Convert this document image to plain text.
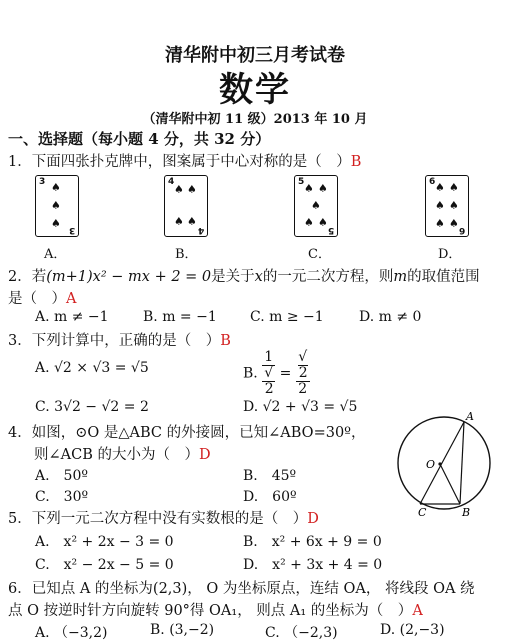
清华附中初三月考试卷
数学
（清华附中初 11 级）2013 年 10 月
一、选择题（每小题 4 分，共 32 分）
1．下面四张扑克牌中，图案属于中心对称的是（　）B
3 ♠
♠
♠ 3
4
♠ ♠
♠ ♠
4
5 ♠ ♠
♠
♠ ♠
5
6 ♠ ♠
♠ ♠
♠ ♠ 6
A．	B．	C．	D．
2．若(m+1)x² − mx + 2 = 0是关于x的一元二次方程，则m的取值范围
是（　）A
A. m ≠ −1 B. m = −1 C. m ≥ −1	D. m ≠ 0
3．下列计算中，正确的是（　）B
A. √2 × √3 = √5	B. 1
√
2 = √
2
2
C. 3√2 − √2 = 2	D. √2 + √3 = √5
4．如图，⊙O 是△ABC 的外接圆，已知∠ABO=30º，
则∠ACB 的大小为（　）D
A.　50º	B.　45º
C.　30º	D.　60º
A
B
C
O
5．下列一元二次方程中没有实数根的是（　）D
A.　x² + 2x − 3 = 0	B.　x² + 6x + 9 = 0
C.　x² − 2x − 5 = 0	D.　x² + 3x + 4 = 0
6．已知点 A 的坐标为(2,3)， O 为坐标原点，连结 OA， 将线段 OA 绕
点 O 按逆时针方向旋转 90°得 OA₁， 则点 A₁ 的坐标为（　）A
A. （−3,2)	B. (3,−2)	C. （−2,3)	D. (2,−3)
